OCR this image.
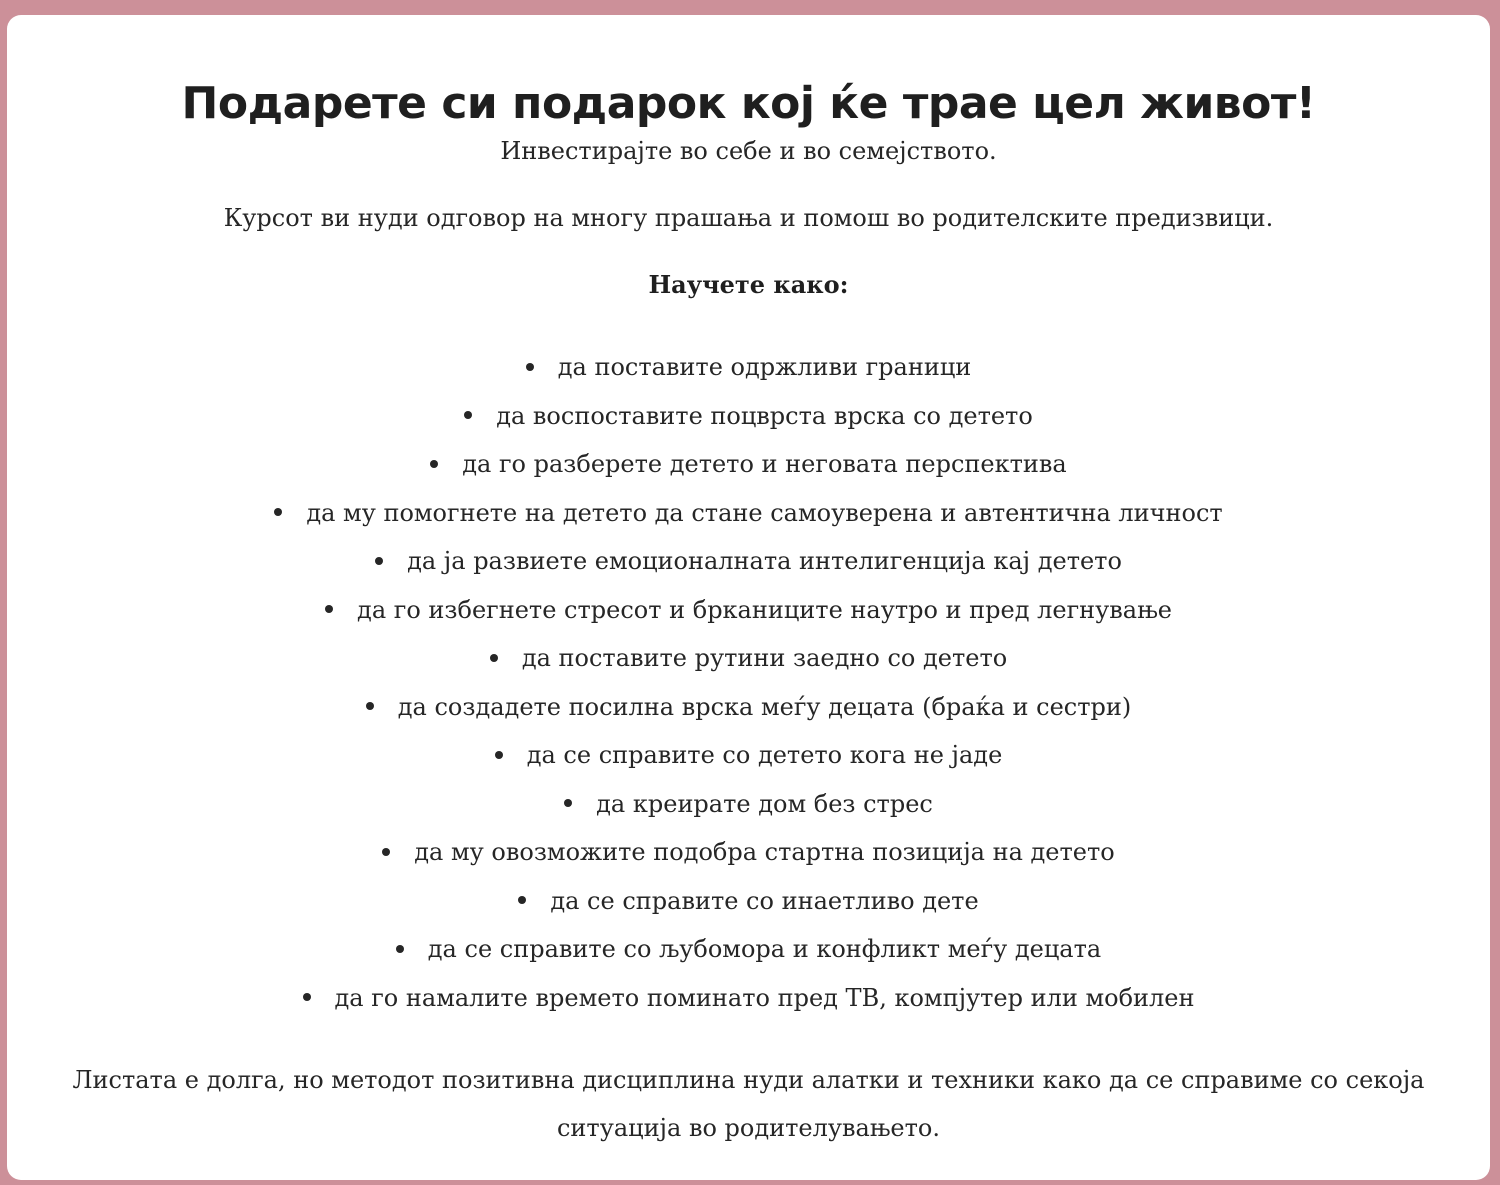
Подарете си подарок кој ќе трае цел живот!

Инвестирајте во себе и во семејството.

Курсот ви нуди одговор на многу прашања и помош во родителските предизвици.

Научете како:

да поставите одржливи граници
да воспоставите поцврста врска со детето
да го разберете детето и неговата перспектива
да му помогнете на детето да стане самоуверена и автентична личност
да ја развиете емоционалната интелигенција кај детето
да го избегнете стресот и брканиците наутро и пред легнување
да поставите рутини заедно со детето
да создадете посилна врска меѓу децата (браќа и сестри)
да се справите со детето кога не јаде
да креирате дом без стрес
да му овозможите подобра стартна позиција на детето
да се справите со инаетливо дете
да се справите со љубомора и конфликт меѓу децата
да го намалите времето поминато пред ТВ, компјутер или мобилен

Листата е долга, но методот позитивна дисциплина нуди алатки и техники како да се справиме со секоја ситуација во родителувањето.
